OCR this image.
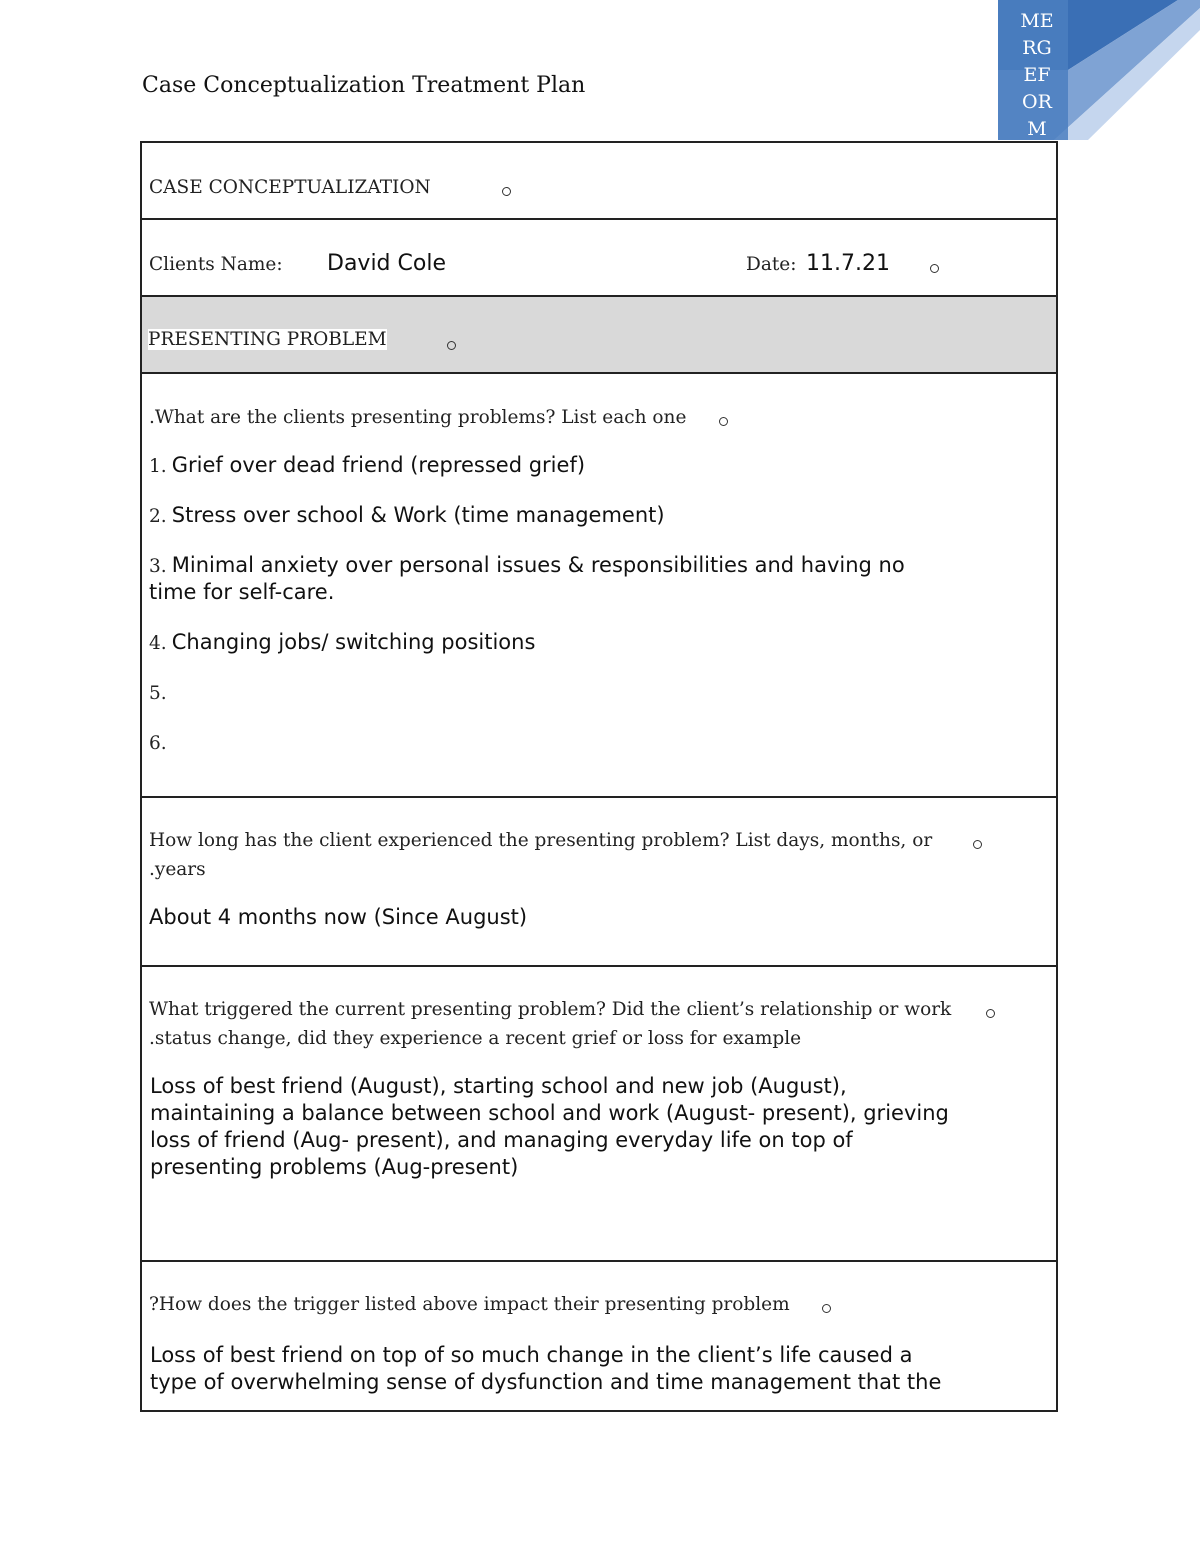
ME
RG
EF
OR
M
Case Conceptualization Treatment Plan
CASE CONCEPTUALIZATION
Clients Name: David Cole	Date: 11.7.21
PRESENTING PROBLEM
.What are the clients presenting problems? List each one
1. Grief over dead friend (repressed grief)
2. Stress over school & Work (time management)
3. Minimal anxiety over personal issues & responsibilities and having no
time for self-care.
4. Changing jobs/ switching positions
5.
6.
How long has the client experienced the presenting problem? List days, months, or
.years
About 4 months now (Since August)
What triggered the current presenting problem? Did the client’s relationship or work
.status change, did they experience a recent grief or loss for example
Loss of best friend (August), starting school and new job (August),
maintaining a balance between school and work (August- present), grieving
loss of friend (Aug- present), and managing everyday life on top of
presenting problems (Aug-present)
?How does the trigger listed above impact their presenting problem
Loss of best friend on top of so much change in the client’s life caused a
type of overwhelming sense of dysfunction and time management that the
